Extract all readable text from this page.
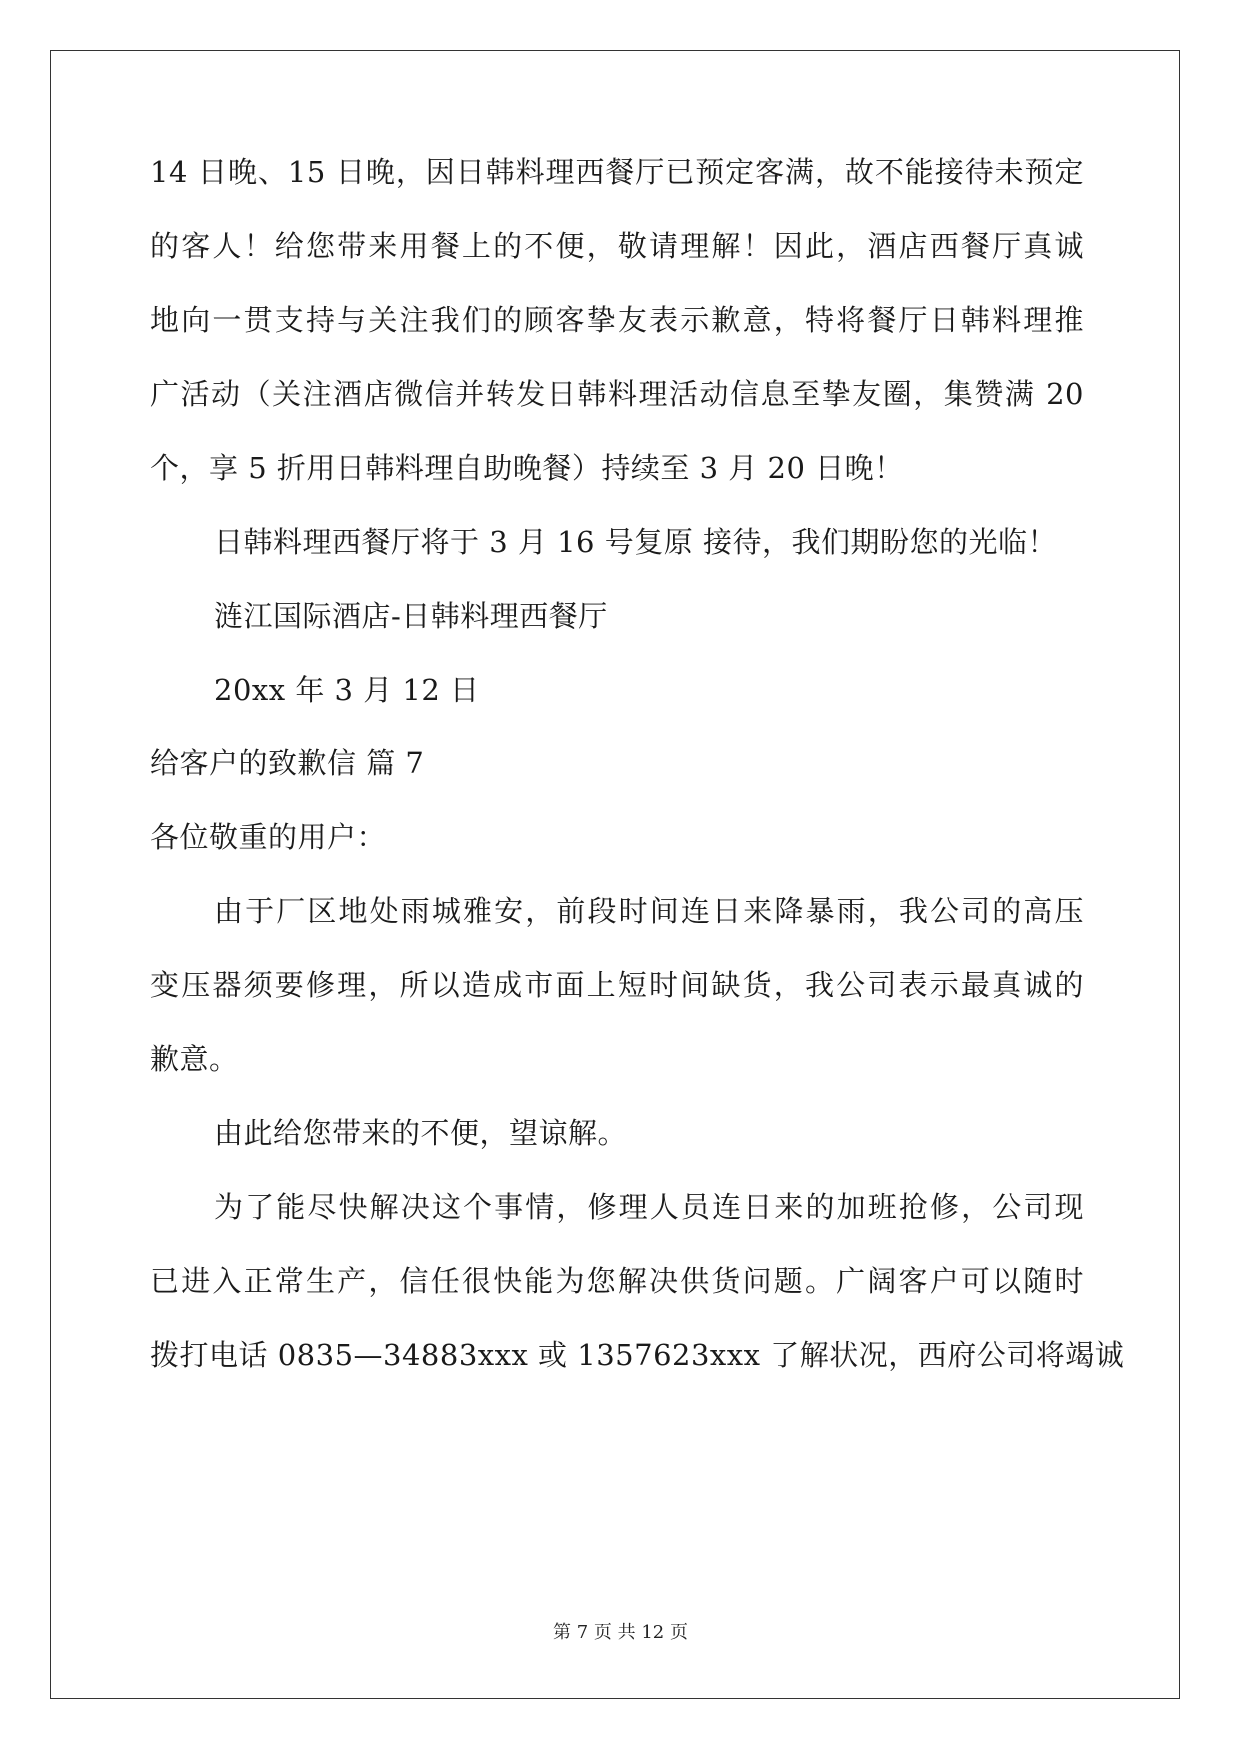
14 日晚、15 日晚，因日韩料理西餐厅已预定客满，故不能接待未预定
的客人！给您带来用餐上的不便，敬请理解！因此，酒店西餐厅真诚
地向一贯支持与关注我们的顾客挚友表示歉意，特将餐厅日韩料理推
广活动（关注酒店微信并转发日韩料理活动信息至挚友圈，集赞满 20
个，享 5 折用日韩料理自助晚餐）持续至 3 月 20 日晚！
日韩料理西餐厅将于 3 月 16 号复原 接待，我们期盼您的光临！
涟江国际酒店-日韩料理西餐厅
20xx 年 3 月 12 日
给客户的致歉信 篇 7
各位敬重的用户：
由于厂区地处雨城雅安，前段时间连日来降暴雨，我公司的高压
变压器须要修理，所以造成市面上短时间缺货，我公司表示最真诚的
歉意。
由此给您带来的不便，望谅解。
为了能尽快解决这个事情，修理人员连日来的加班抢修，公司现
已进入正常生产，信任很快能为您解决供货问题。广阔客户可以随时
拨打电话 0835—34883xxx 或 1357623xxx 了解状况，西府公司将竭诚
第 7 页 共 12 页
